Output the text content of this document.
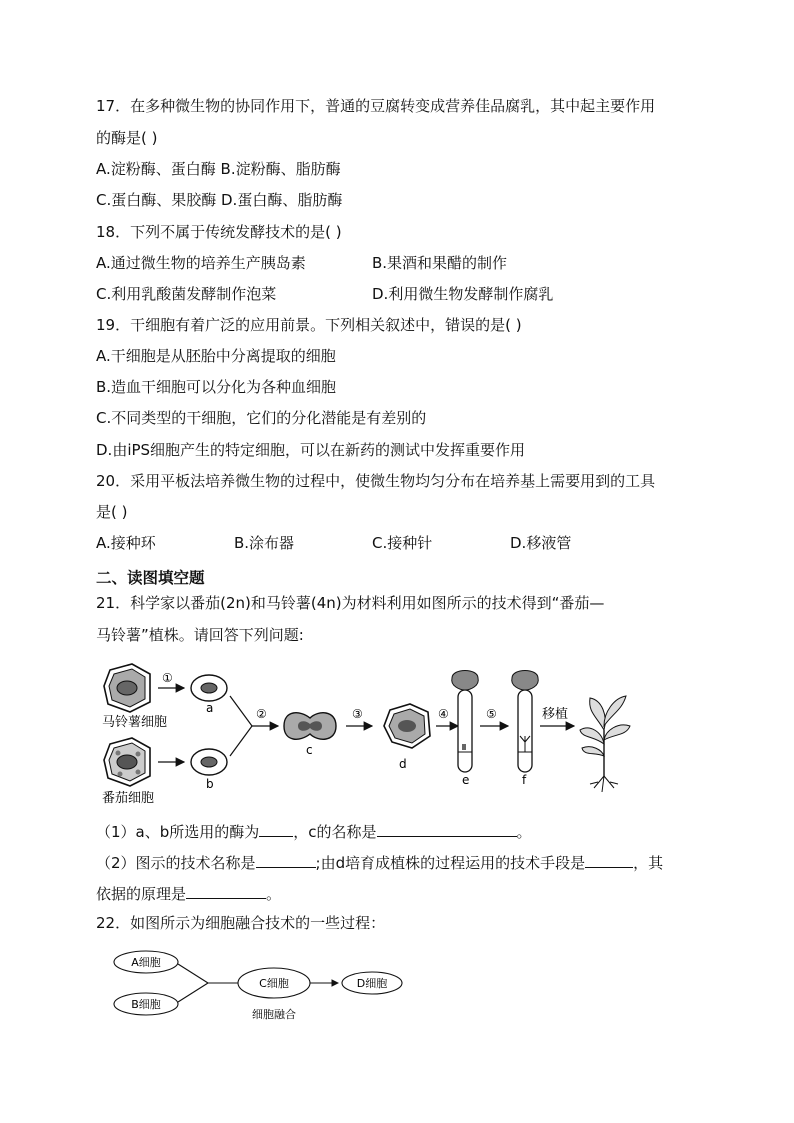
17．在多种微生物的协同作用下，普通的豆腐转变成营养佳品腐乳，其中起主要作用
的酶是( )
A.淀粉酶、蛋白酶 B.淀粉酶、脂肪酶
C.蛋白酶、果胶酶 D.蛋白酶、脂肪酶
18．下列不属于传统发酵技术的是( )
A.通过微生物的培养生产胰岛素	B.果酒和果醋的制作
C.利用乳酸菌发酵制作泡菜	D.利用微生物发酵制作腐乳
19．干细胞有着广泛的应用前景。下列相关叙述中，错误的是( )
A.干细胞是从胚胎中分离提取的细胞
B.造血干细胞可以分化为各种血细胞
C.不同类型的干细胞，它们的分化潜能是有差别的
D.由iPS细胞产生的特定细胞，可以在新药的测试中发挥重要作用
20．采用平板法培养微生物的过程中，使微生物均匀分布在培养基上需要用到的工具
是( )
A.接种环	B.涂布器	C.接种针	D.移液管
二、读图填空题
21．科学家以番茄(2n)和马铃薯(4n)为材料利用如图所示的技术得到“番茄—
马铃薯”植株。请回答下列问题:
马铃薯细胞
番茄细胞
①
a
b
②
c
③
d
④
e
⑤
f
移植
（1）a、b所选用的酶为 ，c的名称是	。
（2）图示的技术名称是	;由d培育成植株的过程运用的技术手段是	，其
依据的原理是	。
22．如图所示为细胞融合技术的一些过程：
A细胞
B细胞
C细胞	D细胞
细胞融合
